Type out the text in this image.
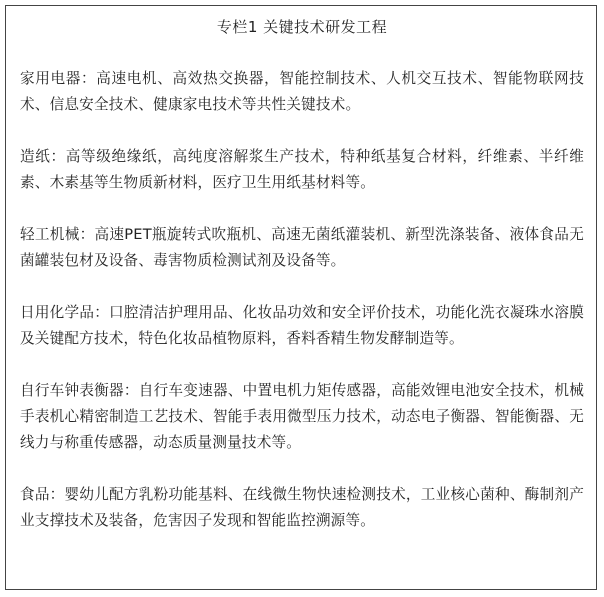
专栏1 关键技术研发工程

家用电器：高速电机、高效热交换器，智能控制技术、人机交互技术、智能物联网技术、信息安全技术、健康家电技术等共性关键技术。

造纸：高等级绝缘纸，高纯度溶解浆生产技术，特种纸基复合材料，纤维素、半纤维素、木素基等生物质新材料，医疗卫生用纸基材料等。

轻工机械：高速PET瓶旋转式吹瓶机、高速无菌纸灌装机、新型洗涤装备、液体食品无菌罐装包材及设备、毒害物质检测试剂及设备等。

日用化学品：口腔清洁护理用品、化妆品功效和安全评价技术，功能化洗衣凝珠水溶膜及关键配方技术，特色化妆品植物原料，香料香精生物发酵制造等。

自行车钟表衡器：自行车变速器、中置电机力矩传感器，高能效锂电池安全技术，机械手表机心精密制造工艺技术、智能手表用微型压力技术，动态电子衡器、智能衡器、无线力与称重传感器，动态质量测量技术等。

食品：婴幼儿配方乳粉功能基料、在线微生物快速检测技术，工业核心菌种、酶制剂产业支撑技术及装备，危害因子发现和智能监控溯源等。
